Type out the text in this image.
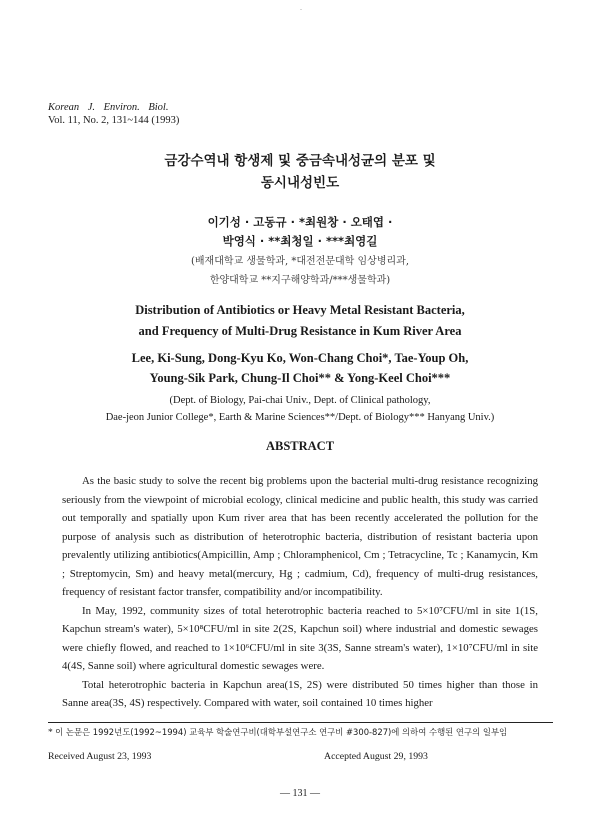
.
Korean J. Environ. Biol.
Vol. 11, No. 2, 131~144 (1993)
금강수역내 항생제 및 중금속내성균의 분포 및
동시내성빈도
이기성 · 고동규 · *최원창 · 오태엽 ·
박영식 · **최청일 · ***최영길
(배재대학교 생물학과, *대전전문대학 임상병리과,
한양대학교 **지구해양학과/***생물학과)
Distribution of Antibiotics or Heavy Metal Resistant Bacteria,
and Frequency of Multi-Drug Resistance in Kum River Area
Lee, Ki-Sung, Dong-Kyu Ko, Won-Chang Choi*, Tae-Youp Oh,
Young-Sik Park, Chung-Il Choi** & Yong-Keel Choi***
(Dept. of Biology, Pai-chai Univ., Dept. of Clinical pathology,
Dae-jeon Junior College*, Earth & Marine Sciences**/Dept. of Biology*** Hanyang Univ.)
ABSTRACT

As the basic study to solve the recent big problems upon the bacterial multi-drug resistance recognizing seriously from the viewpoint of microbial ecology, clinical medicine and public health, this study was carried out temporally and spatially upon Kum river area that has been recently accelerated the pollution for the purpose of analysis such as distribution of heterotrophic bacteria, distribution of resistant bacteria upon prevalently utilizing antibiotics(Ampicillin, Amp ; Chloramphenicol, Cm ; Tetracycline, Tc ; Kanamycin, Km ; Streptomycin, Sm) and heavy metal(mercury, Hg ; cadmium, Cd), frequency of multi-drug resistances, frequency of resistant factor transfer, compatibility and/or incompatibility.

In May, 1992, community sizes of total heterotrophic bacteria reached to 5×10⁷CFU/ml in site 1(1S, Kapchun stream's water), 5×10⁸CFU/ml in site 2(2S, Kapchun soil) where industrial and domestic sewages were chiefly flowed, and reached to 1×10⁶CFU/ml in site 3(3S, Sanne stream's water), 1×10⁷CFU/ml in site 4(4S, Sanne soil) where agricultural domestic sewages were.

Total heterotrophic bacteria in Kapchun area(1S, 2S) were distributed 50 times higher than those in Sanne area(3S, 4S) respectively. Compared with water, soil contained 10 times higher

* 이 논문은 1992년도(1992~1994) 교육부 학술연구비(대학부설연구소 연구비 #300-827)에 의하여 수행된 연구의 일부임
Received August 23, 1993	Accepted August 29, 1993
— 131 —
